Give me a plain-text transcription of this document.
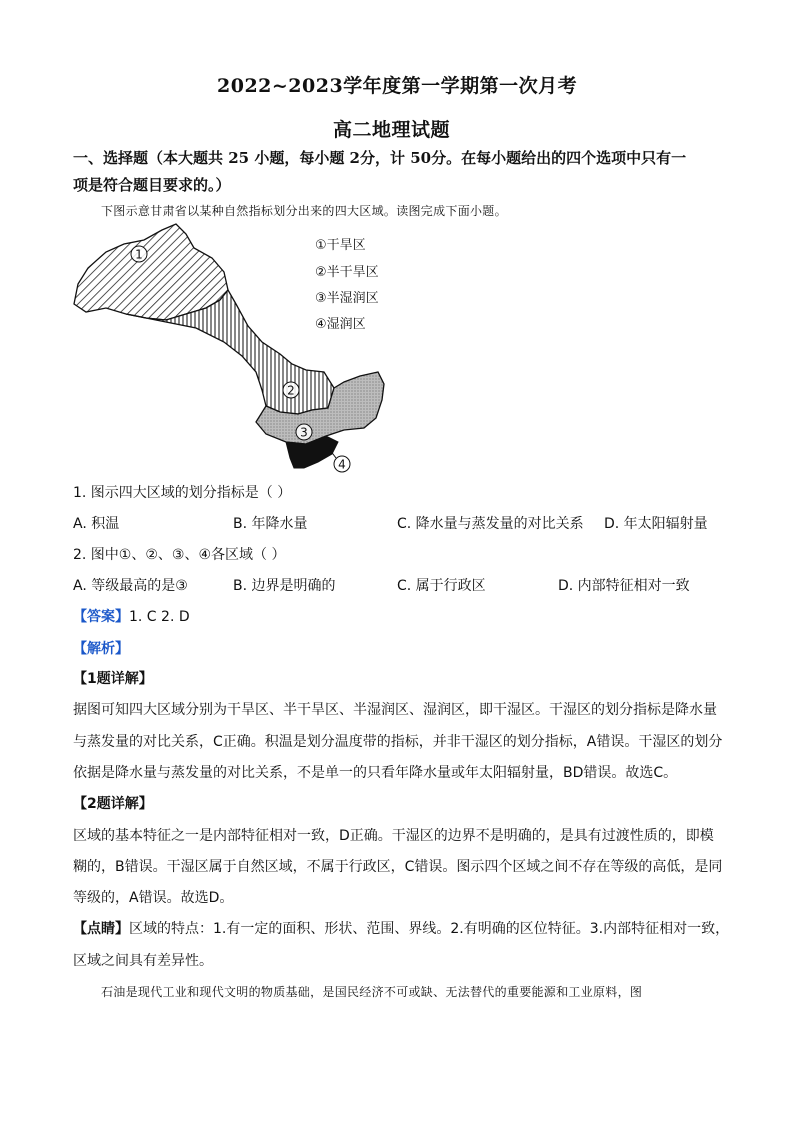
2022~2023学年度第一学期第一次月考
高二地理试题
一、选择题（本大题共 25 小题，每小题 2分，计 50分。在每小题给出的四个选项中只有一
项是符合题目要求的。）
下图示意甘肃省以某种自然指标划分出来的四大区域。读图完成下面小题。
1
2
3
4
①干旱区
②半干旱区
③半湿润区
④湿润区
1. 图示四大区域的划分指标是（ ）
A. 积温	B. 年降水量	C. 降水量与蒸发量的对比关系 D. 年太阳辐射量
2. 图中①、②、③、④各区域（ ）
A. 等级最高的是③	B. 边界是明确的	C. 属于行政区	D. 内部特征相对一致
【答案】1. C 2. D
【解析】
【1题详解】
据图可知四大区域分别为干旱区、半干旱区、半湿润区、湿润区，即干湿区。干湿区的划分指标是降水量
与蒸发量的对比关系，C正确。积温是划分温度带的指标，并非干湿区的划分指标，A错误。干湿区的划分
依据是降水量与蒸发量的对比关系，不是单一的只看年降水量或年太阳辐射量，BD错误。故选C。
【2题详解】
区域的基本特征之一是内部特征相对一致，D正确。干湿区的边界不是明确的，是具有过渡性质的，即模
糊的，B错误。干湿区属于自然区域，不属于行政区，C错误。图示四个区域之间不存在等级的高低，是同
等级的，A错误。故选D。
【点睛】区域的特点：1.有一定的面积、形状、范围、界线。2.有明确的区位特征。3.内部特征相对一致，
区域之间具有差异性。
石油是现代工业和现代文明的物质基础，是国民经济不可或缺、无法替代的重要能源和工业原料，图
